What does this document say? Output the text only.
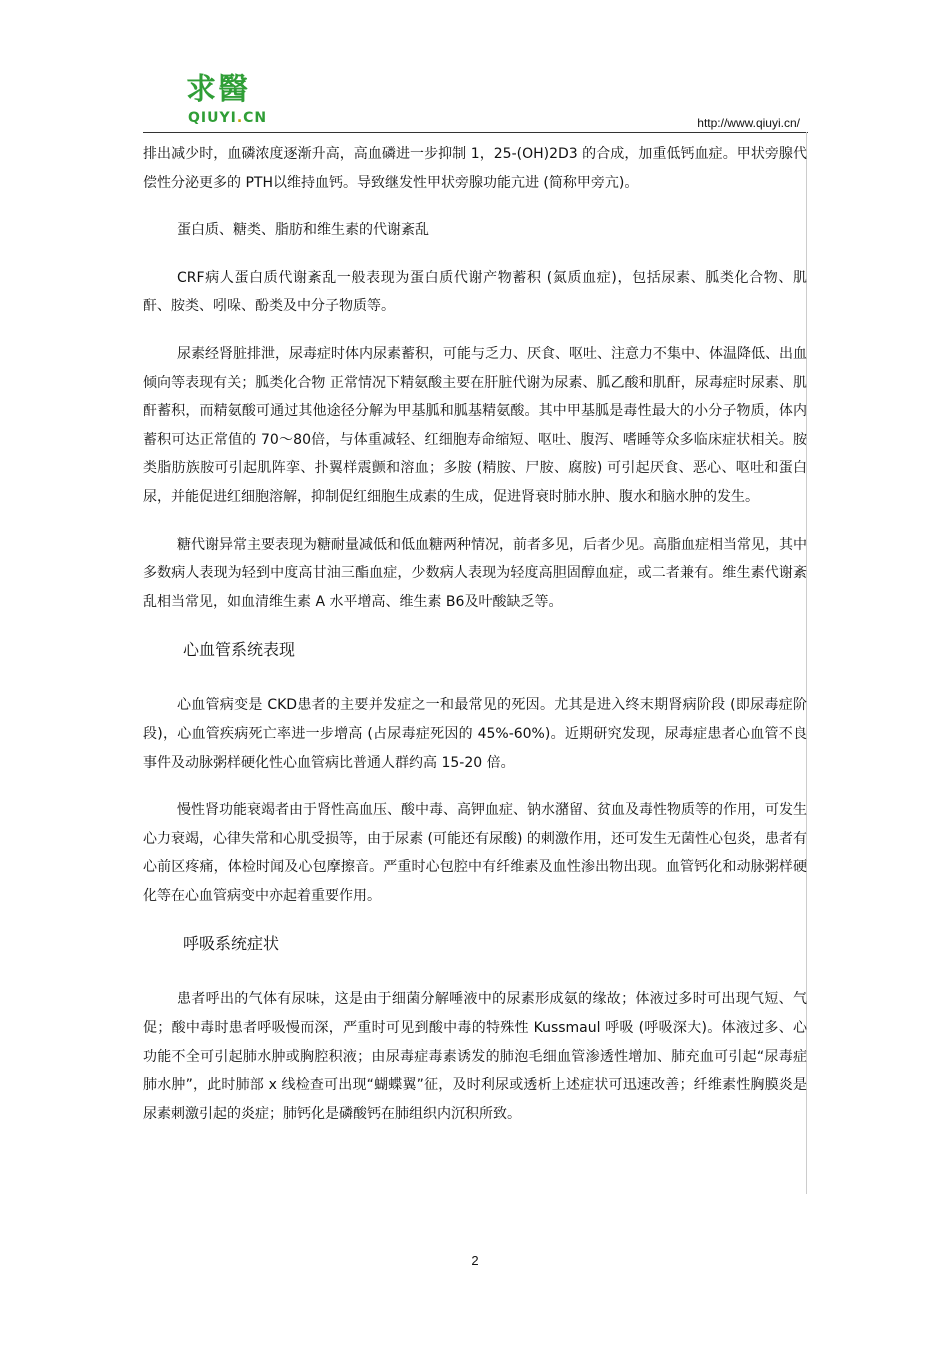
求醫
QIUYI.CN	http://www.qiuyi.cn/

排出减少时，血磷浓度逐渐升高，高血磷进一步抑制 1，25-(OH)2D3 的合成，加重低钙血症。甲状旁腺代偿性分泌更多的 PTH以维持血钙。导致继发性甲状旁腺功能亢进 (简称甲旁亢)。

蛋白质、糖类、脂肪和维生素的代谢紊乱

CRF病人蛋白质代谢紊乱一般表现为蛋白质代谢产物蓄积 (氮质血症)，包括尿素、胍类化合物、肌酐、胺类、吲哚、酚类及中分子物质等。

尿素经肾脏排泄，尿毒症时体内尿素蓄积，可能与乏力、厌食、呕吐、注意力不集中、体温降低、出血倾向等表现有关；胍类化合物 正常情况下精氨酸主要在肝脏代谢为尿素、胍乙酸和肌酐，尿毒症时尿素、肌酐蓄积，而精氨酸可通过其他途径分解为甲基胍和胍基精氨酸。其中甲基胍是毒性最大的小分子物质，体内蓄积可达正常值的 70～80倍，与体重减轻、红细胞寿命缩短、呕吐、腹泻、嗜睡等众多临床症状相关。胺类脂肪族胺可引起肌阵挛、扑翼样震颤和溶血；多胺 (精胺、尸胺、腐胺) 可引起厌食、恶心、呕吐和蛋白尿，并能促进红细胞溶解，抑制促红细胞生成素的生成，促进肾衰时肺水肿、腹水和脑水肿的发生。

糖代谢异常主要表现为糖耐量减低和低血糖两种情况，前者多见，后者少见。高脂血症相当常见，其中多数病人表现为轻到中度高甘油三酯血症，少数病人表现为轻度高胆固醇血症，或二者兼有。维生素代谢紊乱相当常见，如血清维生素 A 水平增高、维生素 B6及叶酸缺乏等。

心血管系统表现

心血管病变是 CKD患者的主要并发症之一和最常见的死因。尤其是进入终末期肾病阶段 (即尿毒症阶段)，心血管疾病死亡率进一步增高 (占尿毒症死因的 45%-60%)。近期研究发现，尿毒症患者心血管不良事件及动脉粥样硬化性心血管病比普通人群约高 15-20 倍。

慢性肾功能衰竭者由于肾性高血压、酸中毒、高钾血症、钠水潴留、贫血及毒性物质等的作用，可发生心力衰竭，心律失常和心肌受损等，由于尿素 (可能还有尿酸) 的刺激作用，还可发生无菌性心包炎，患者有心前区疼痛，体检时闻及心包摩擦音。严重时心包腔中有纤维素及血性渗出物出现。血管钙化和动脉粥样硬化等在心血管病变中亦起着重要作用。

呼吸系统症状

患者呼出的气体有尿味，这是由于细菌分解唾液中的尿素形成氨的缘故；体液过多时可出现气短、气促；酸中毒时患者呼吸慢而深，严重时可见到酸中毒的特殊性 Kussmaul 呼吸 (呼吸深大)。体液过多、心功能不全可引起肺水肿或胸腔积液；由尿毒症毒素诱发的肺泡毛细血管渗透性增加、肺充血可引起“尿毒症肺水肿”，此时肺部 x 线检查可出现“蝴蝶翼”征，及时利尿或透析上述症状可迅速改善；纤维素性胸膜炎是尿素刺激引起的炎症；肺钙化是磷酸钙在肺组织内沉积所致。

2
